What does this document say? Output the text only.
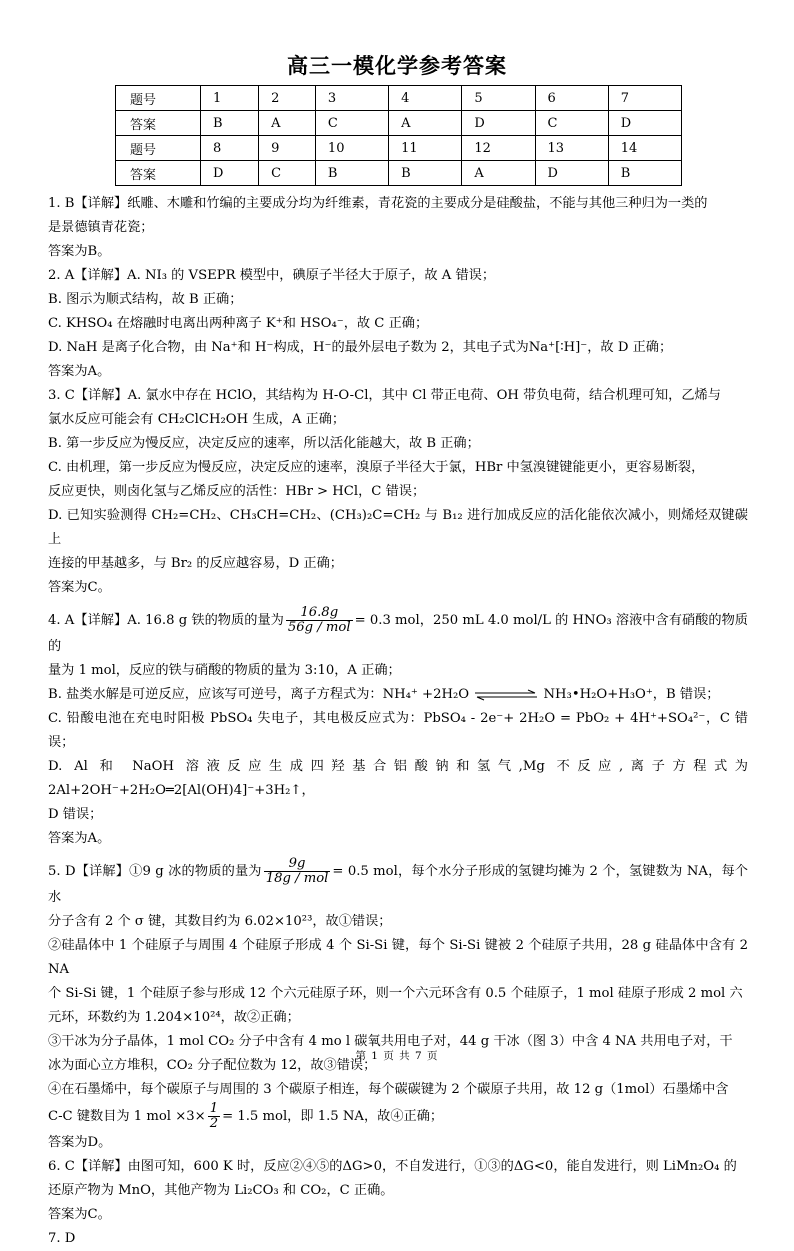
高三一模化学参考答案
题号	1	2	3	4	5	6	7
答案	B	A	C	A	D	C	D
题号	8	9	10	11	12	13	14
答案	D	C	B	B	A	D	B

1. B【详解】纸雕、木雕和竹编的主要成分均为纤维素，青花瓷的主要成分是硅酸盐，不能与其他三种归为一类的

是景德镇青花瓷；

答案为B。

2. A【详解】A. NI₃ 的 VSEPR 模型中，碘原子半径大于原子，故 A 错误；

B. 图示为顺式结构，故 B 正确；

C. KHSO₄ 在熔融时电离出两种离子 K⁺和 HSO₄⁻，故 C 正确；

D. NaH 是离子化合物，由 Na⁺和 H⁻构成，H⁻的最外层电子数为 2，其电子式为Na⁺[∶H]⁻，故 D 正确；

答案为A。

3. C【详解】A. 氯水中存在 HClO，其结构为 H-O-Cl，其中 Cl 带正电荷、OH 带负电荷，结合机理可知，乙烯与

氯水反应可能会有 CH₂ClCH₂OH 生成，A 正确；

B. 第一步反应为慢反应，决定反应的速率，所以活化能越大，故 B 正确；

C. 由机理，第一步反应为慢反应，决定反应的速率，溴原子半径大于氯，HBr 中氢溴键键能更小，更容易断裂，

反应更快，则卤化氢与乙烯反应的活性：HBr > HCl，C 错误；

D. 已知实验测得 CH₂=CH₂、CH₃CH=CH₂、(CH₃)₂C=CH₂ 与 B₁₂ 进行加成反应的活化能依次减小，则烯烃双键碳上

连接的甲基越多，与 Br₂ 的反应越容易，D 正确；

答案为C。

4. A【详解】A. 16.8 g 铁的物质的量为 $\frac{16.8g}{\text{56g / mol}} = 0.3$ mol，250 mL 4.0 mol/L 的 HNO₃ 溶液中含有硝酸的物质的

量为 1 mol，反应的铁与硝酸的物质的量为 3:10，A 正确；

B. 盐类水解是可逆反应，应该写可逆号，离子方程式为：NH₄⁺ +2H₂O	NH₃•H₂O+H₃O⁺，B 错误；

C. 铅酸电池在充电时阳极 PbSO₄ 失电子，其电极反应式为：PbSO₄ - 2e⁻+ 2H₂O = PbO₂ + 4H⁺+SO₄²⁻，C 错误；

D. Al 和 NaOH 溶液反应生成四羟基合铝酸钠和氢气,Mg 不反应,离子方程式为2Al+2OH⁻+2H₂O═2[Al(OH)4]⁻+3H₂↑，

D 错误；

答案为A。

5. D【详解】①9 g 冰的物质的量为 $\frac{9g}{\text{18g / mol}} = 0.5$ mol，每个水分子形成的氢键均摊为 2 个，氢键数为 NA，每个水

分子含有 2 个 σ 键，其数目约为 6.02×10²³，故①错误；

②硅晶体中 1 个硅原子与周围 4 个硅原子形成 4 个 Si-Si 键，每个 Si-Si 键被 2 个硅原子共用，28 g 硅晶体中含有 2 NA

个 Si-Si 键，1 个硅原子参与形成 12 个六元硅原子环，则一个六元环含有 0.5 个硅原子，1 mol 硅原子形成 2 mol 六

元环，环数约为 1.204×10²⁴，故②正确；

③干冰为分子晶体，1 mol CO₂ 分子中含有 4 mo l 碳氧共用电子对，44 g 干冰（图 3）中含 4 NA 共用电子对，干

冰为面心立方堆积，CO₂ 分子配位数为 12，故③错误；

④在石墨烯中，每个碳原子与周围的 3 个碳原子相连，每个碳碳键为 2 个碳原子共用，故 12 g（1mol）石墨烯中含

C-C 键数目为 1 mol $\times 3\times \frac{1}{2} = 1.5$ mol，即 1.5 NA，故④正确；

答案为D。

6. C【详解】由图可知，600 K 时，反应②④⑤的ΔG>0，不自发进行，①③的ΔG<0，能自发进行，则 LiMn₂O₄ 的

还原产物为 MnO，其他产物为 Li₂CO₃ 和 CO₂，C 正确。

答案为C。

7. D

第 1 页 共 7 页
